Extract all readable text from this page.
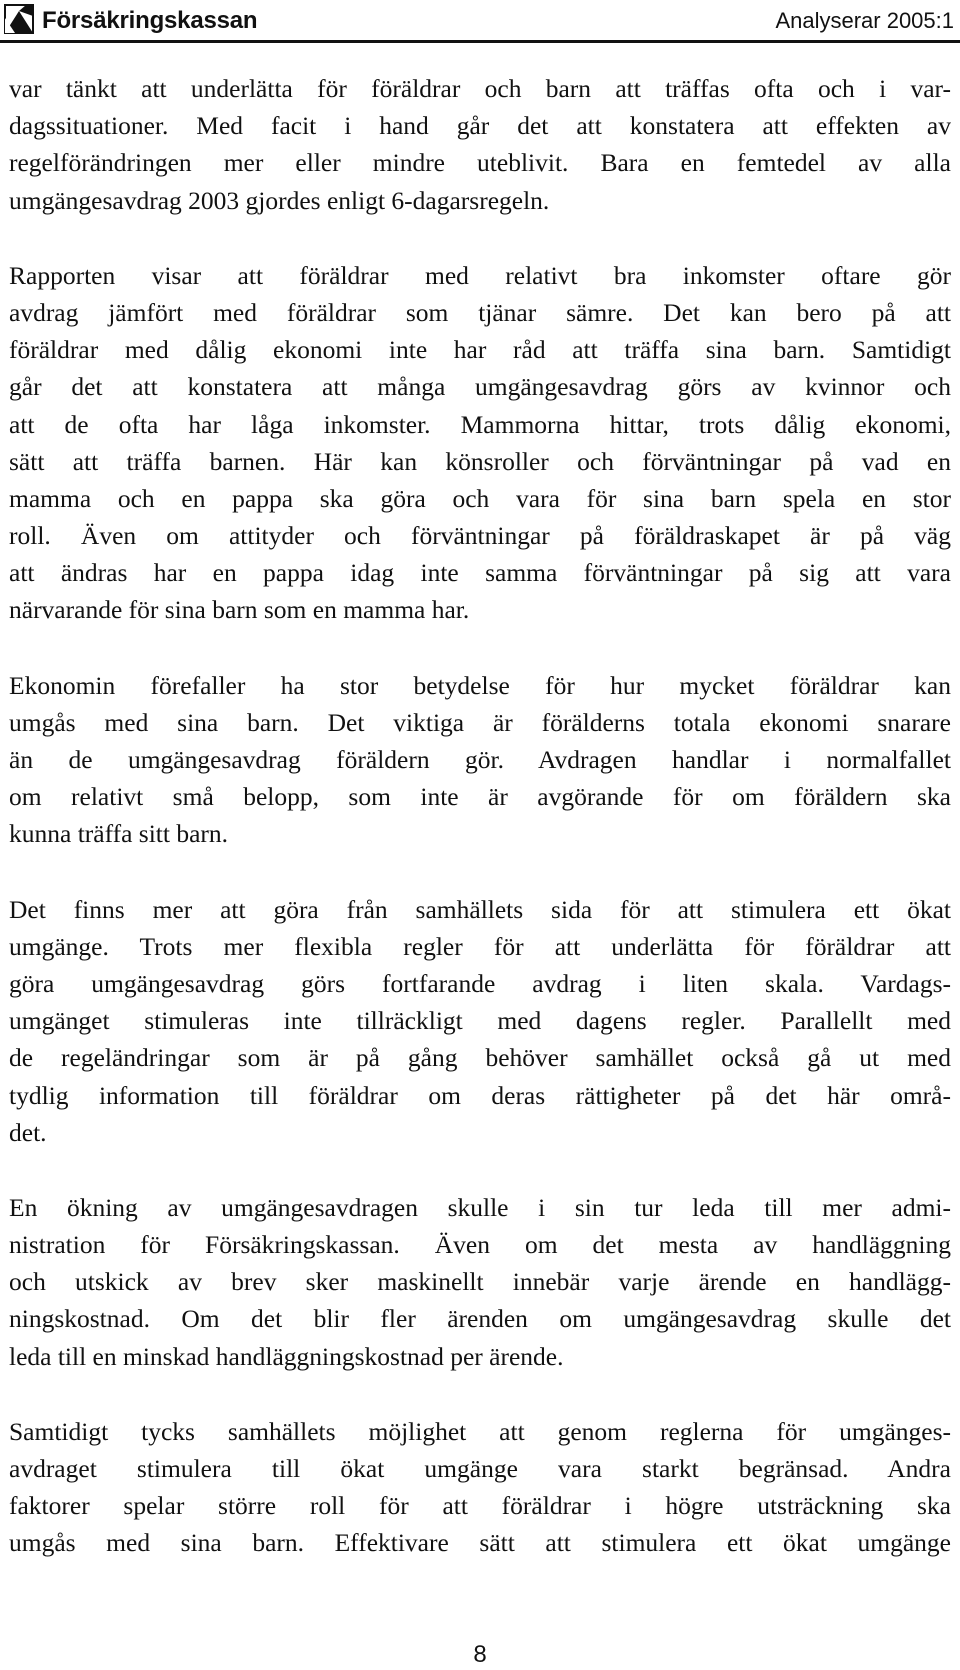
Försäkringskassan	Analyserar 2005:1

var tänkt att underlätta för föräldrar och barn att träffas ofta och i var-
dagssituationer. Med facit i hand går det att konstatera att effekten av
regelförändringen mer eller mindre uteblivit. Bara en femtedel av alla
umgängesavdrag 2003 gjordes enligt 6-dagarsregeln.

Rapporten visar att föräldrar med relativt bra inkomster oftare gör
avdrag jämfört med föräldrar som tjänar sämre. Det kan bero på att
föräldrar med dålig ekonomi inte har råd att träffa sina barn. Samtidigt
går det att konstatera att många umgängesavdrag görs av kvinnor och
att de ofta har låga inkomster. Mammorna hittar, trots dålig ekonomi,
sätt att träffa barnen. Här kan könsroller och förväntningar på vad en
mamma och en pappa ska göra och vara för sina barn spela en stor
roll. Även om attityder och förväntningar på föräldraskapet är på väg
att ändras har en pappa idag inte samma förväntningar på sig att vara
närvarande för sina barn som en mamma har.

Ekonomin förefaller ha stor betydelse för hur mycket föräldrar kan
umgås med sina barn. Det viktiga är förälderns totala ekonomi snarare
än de umgängesavdrag föräldern gör. Avdragen handlar i normalfallet
om relativt små belopp, som inte är avgörande för om föräldern ska
kunna träffa sitt barn.

Det finns mer att göra från samhällets sida för att stimulera ett ökat
umgänge. Trots mer flexibla regler för att underlätta för föräldrar att
göra umgängesavdrag görs fortfarande avdrag i liten skala. Vardags-
umgänget stimuleras inte tillräckligt med dagens regler. Parallellt med
de regeländringar som är på gång behöver samhället också gå ut med
tydlig information till föräldrar om deras rättigheter på det här områ-
det.

En ökning av umgängesavdragen skulle i sin tur leda till mer admi-
nistration för Försäkringskassan. Även om det mesta av handläggning
och utskick av brev sker maskinellt innebär varje ärende en handlägg-
ningskostnad. Om det blir fler ärenden om umgängesavdrag skulle det
leda till en minskad handläggningskostnad per ärende.

Samtidigt tycks samhällets möjlighet att genom reglerna för umgänges-
avdraget stimulera till ökat umgänge vara starkt begränsad. Andra
faktorer spelar större roll för att föräldrar i högre utsträckning ska
umgås med sina barn. Effektivare sätt att stimulera ett ökat umgänge

8
